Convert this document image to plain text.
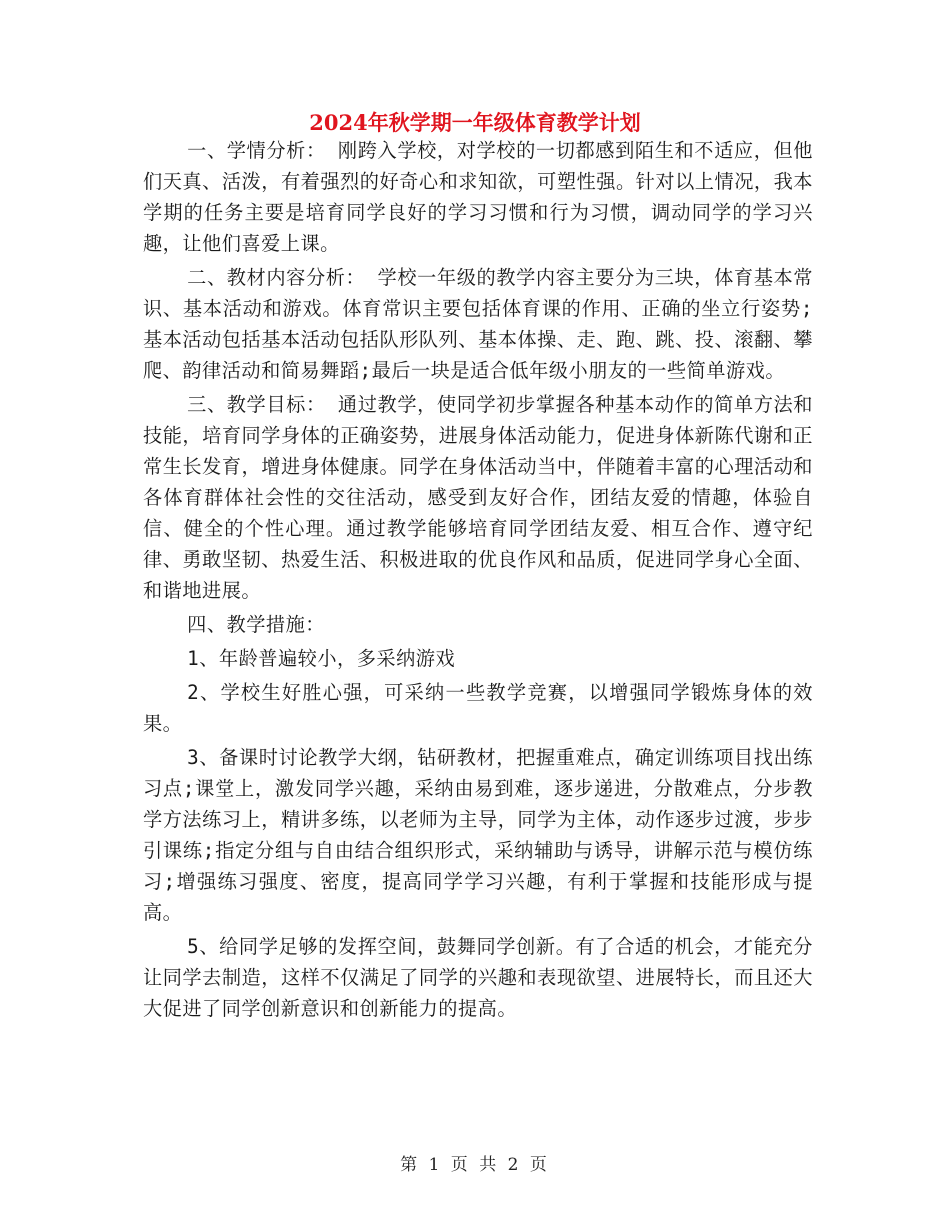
2024年秋学期一年级体育教学计划

一、学情分析： 刚跨入学校，对学校的一切都感到陌生和不适应，但他们天真、活泼，有着强烈的好奇心和求知欲，可塑性强。针对以上情况，我本学期的任务主要是培育同学良好的学习习惯和行为习惯，调动同学的学习兴趣，让他们喜爱上课。

二、教材内容分析： 学校一年级的教学内容主要分为三块，体育基本常识、基本活动和游戏。体育常识主要包括体育课的作用、正确的坐立行姿势;基本活动包括基本活动包括队形队列、基本体操、走、跑、跳、投、滚翻、攀爬、韵律活动和简易舞蹈;最后一块是适合低年级小朋友的一些简单游戏。

三、教学目标： 通过教学，使同学初步掌握各种基本动作的简单方法和技能，培育同学身体的正确姿势，进展身体活动能力，促进身体新陈代谢和正常生长发育，增进身体健康。同学在身体活动当中，伴随着丰富的心理活动和各体育群体社会性的交往活动，感受到友好合作，团结友爱的情趣，体验自信、健全的个性心理。通过教学能够培育同学团结友爱、相互合作、遵守纪律、勇敢坚韧、热爱生活、积极进取的优良作风和品质，促进同学身心全面、和谐地进展。

四、教学措施：

1、年龄普遍较小，多采纳游戏

2、学校生好胜心强，可采纳一些教学竞赛，以增强同学锻炼身体的效果。

3、备课时讨论教学大纲，钻研教材，把握重难点，确定训练项目找出练习点;课堂上，激发同学兴趣，采纳由易到难，逐步递进，分散难点，分步教学方法练习上，精讲多练，以老师为主导，同学为主体，动作逐步过渡，步步引课练;指定分组与自由结合组织形式，采纳辅助与诱导，讲解示范与模仿练习;增强练习强度、密度，提高同学学习兴趣，有利于掌握和技能形成与提高。

5、给同学足够的发挥空间，鼓舞同学创新。有了合适的机会，才能充分让同学去制造，这样不仅满足了同学的兴趣和表现欲望、进展特长，而且还大大促进了同学创新意识和创新能力的提高。

第 1 页 共 2 页
